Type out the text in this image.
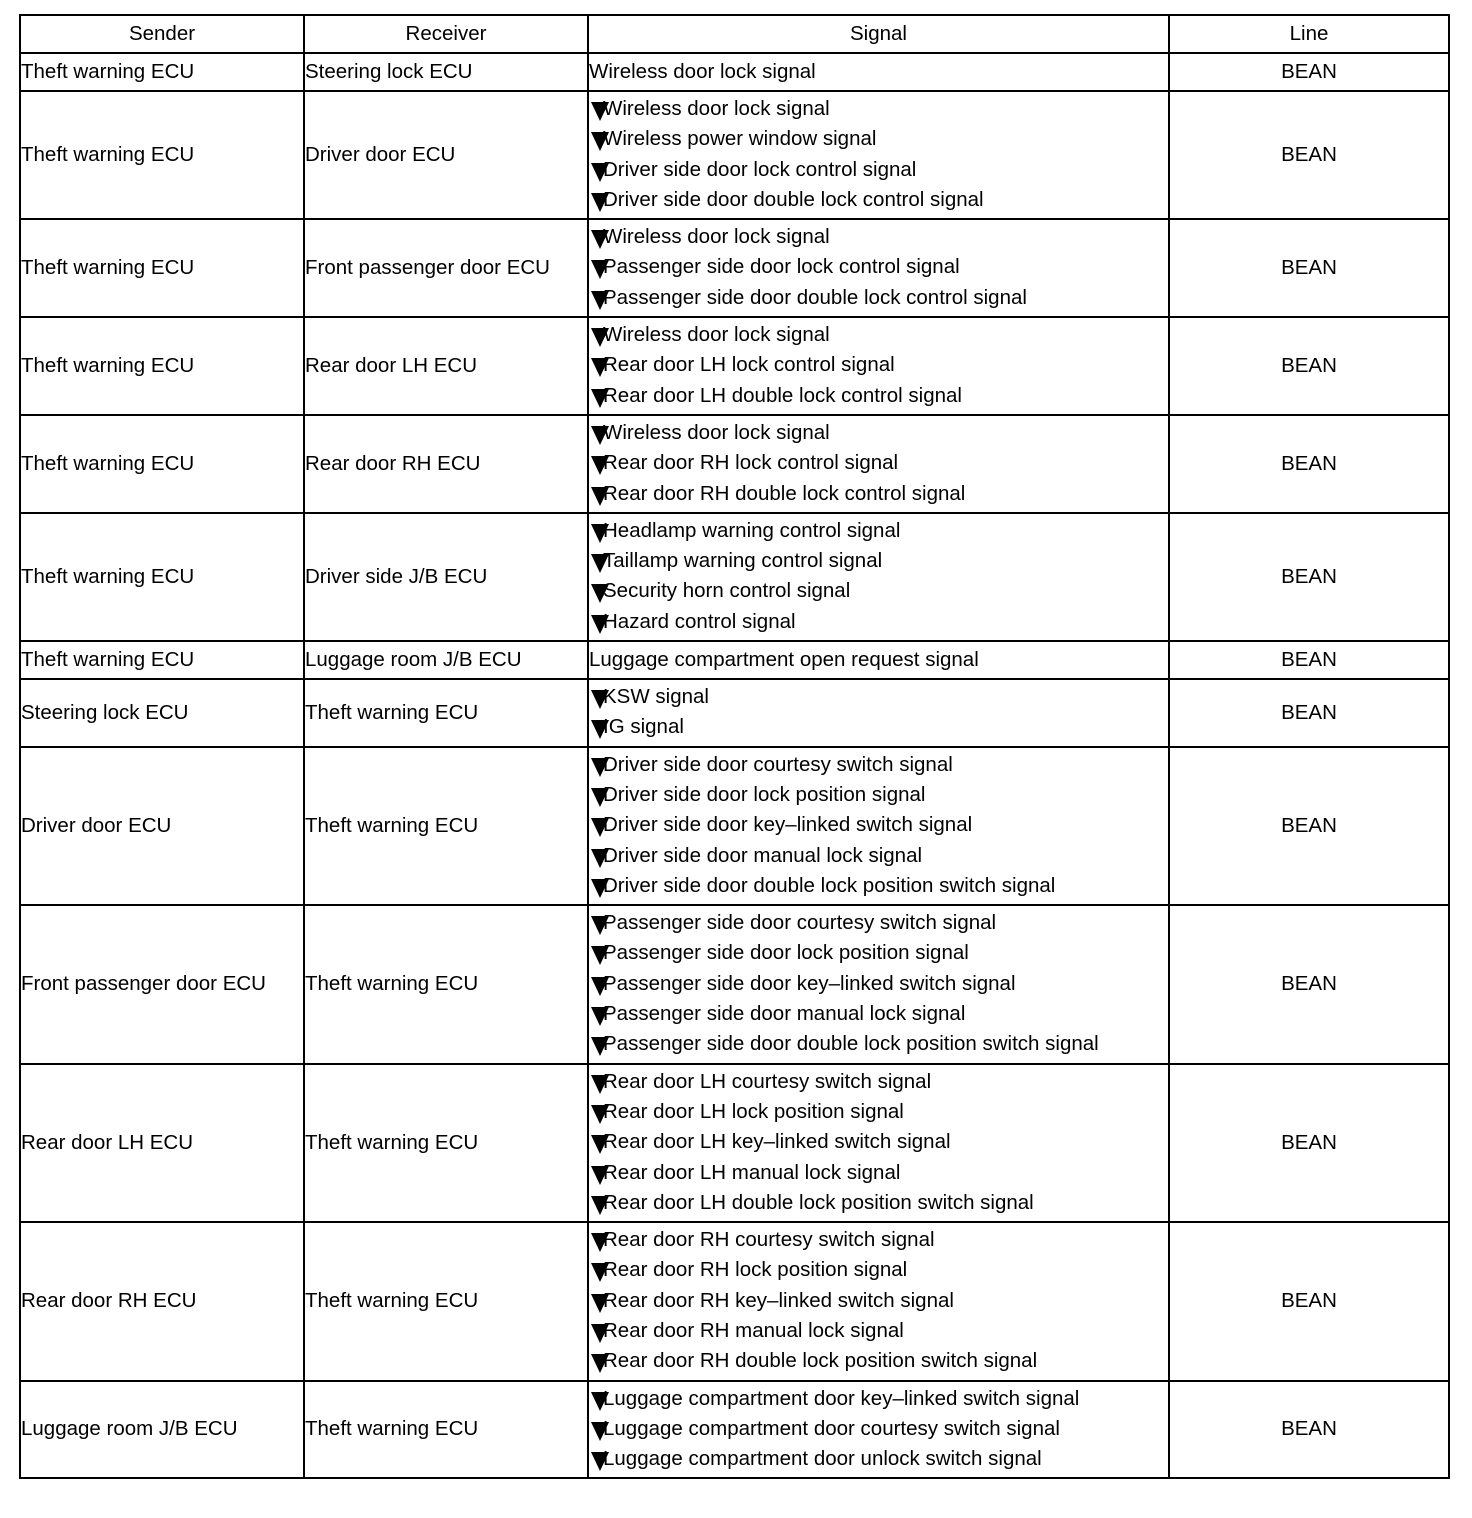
Sender	Receiver	Signal	Line
Theft warning ECU	Steering lock ECU	Wireless door lock signal	BEAN
Theft warning ECU	Driver door ECU	Wireless door lock signal
Wireless power window signal
Driver side door lock control signal
Driver side door double lock control signal	BEAN
Theft warning ECU	Front passenger door ECU	Wireless door lock signal
Passenger side door lock control signal
Passenger side door double lock control signal	BEAN
Theft warning ECU	Rear door LH ECU	Wireless door lock signal
Rear door LH lock control signal
Rear door LH double lock control signal	BEAN
Theft warning ECU	Rear door RH ECU	Wireless door lock signal
Rear door RH lock control signal
Rear door RH double lock control signal	BEAN
Theft warning ECU	Driver side J/B ECU	Headlamp warning control signal
Taillamp warning control signal
Security horn control signal
Hazard control signal	BEAN
Theft warning ECU	Luggage room J/B ECU	Luggage compartment open request signal	BEAN
Steering lock ECU	Theft warning ECU	KSW signal
IG signal	BEAN
Driver door ECU	Theft warning ECU	Driver side door courtesy switch signal
Driver side door lock position signal
Driver side door key–linked switch signal
Driver side door manual lock signal
Driver side door double lock position switch signal	BEAN
Front passenger door ECU	Theft warning ECU	Passenger side door courtesy switch signal
Passenger side door lock position signal
Passenger side door key–linked switch signal
Passenger side door manual lock signal
Passenger side door double lock position switch signal	BEAN
Rear door LH ECU	Theft warning ECU	Rear door LH courtesy switch signal
Rear door LH lock position signal
Rear door LH key–linked switch signal
Rear door LH manual lock signal
Rear door LH double lock position switch signal	BEAN
Rear door RH ECU	Theft warning ECU	Rear door RH courtesy switch signal
Rear door RH lock position signal
Rear door RH key–linked switch signal
Rear door RH manual lock signal
Rear door RH double lock position switch signal	BEAN
Luggage room J/B ECU	Theft warning ECU	Luggage compartment door key–linked switch signal
Luggage compartment door courtesy switch signal
Luggage compartment door unlock switch signal	BEAN
